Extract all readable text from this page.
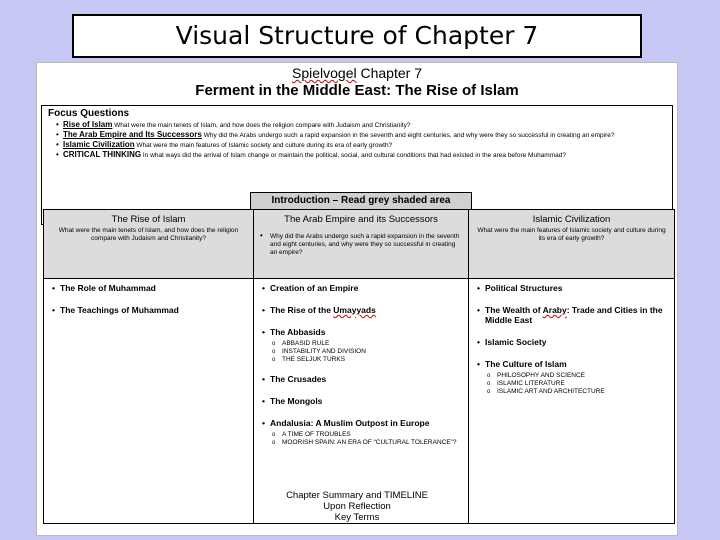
Visual Structure of Chapter 7
Spielvogel Chapter 7
Ferment in the Middle East: The Rise of Islam
Focus Questions
• Rise of Islam What were the main tenets of Islam, and how does the religion compare with Judaism and Christianity?
• The Arab Empire and Its Successors Why did the Arabs undergo such a rapid expansion in the seventh and eight centuries, and why were they so successful in creating an empire?
• Islamic Civilization What were the main features of Islamic society and culture during its era of early growth?
• CRITICAL THINKING In what ways did the arrival of Islam change or maintain the political, social, and cultural conditions that had existed in the area before Muhammad?
Introduction – Read grey shaded area
The Rise of Islam
What were the main tenets of Islam, and how does the religion compare with Judaism and Christianity?
The Arab Empire and its Successors
• Why did the Arabs undergo such a rapid expansion in the seventh and eight centuries, and why were they so successful in creating an empire?
Islamic Civilization
What were the main features of Islamic society and culture during its era of early growth?
• The Role of Muhammad
• The Teachings of Muhammad
• Creation of an Empire
• The Rise of the Umayyads
• The Abbasids
o ABBASID RULE
o INSTABILITY AND DIVISION
o THE SELJUK TURKS
• The Crusades
• The Mongols
• Andalusia: A Muslim Outpost in Europe
o A TIME OF TROUBLES
o MOORISH SPAIN: AN ERA OF “CULTURAL TOLERANCE”?
• Political Structures
• The Wealth of Araby: Trade and Cities in the Middle East
• Islamic Society
• The Culture of Islam
o PHILOSOPHY AND SCIENCE
o ISLAMIC LITERATURE
o ISLAMIC ART AND ARCHITECTURE
Chapter Summary and TIMELINE
Upon Reflection
Key Terms
